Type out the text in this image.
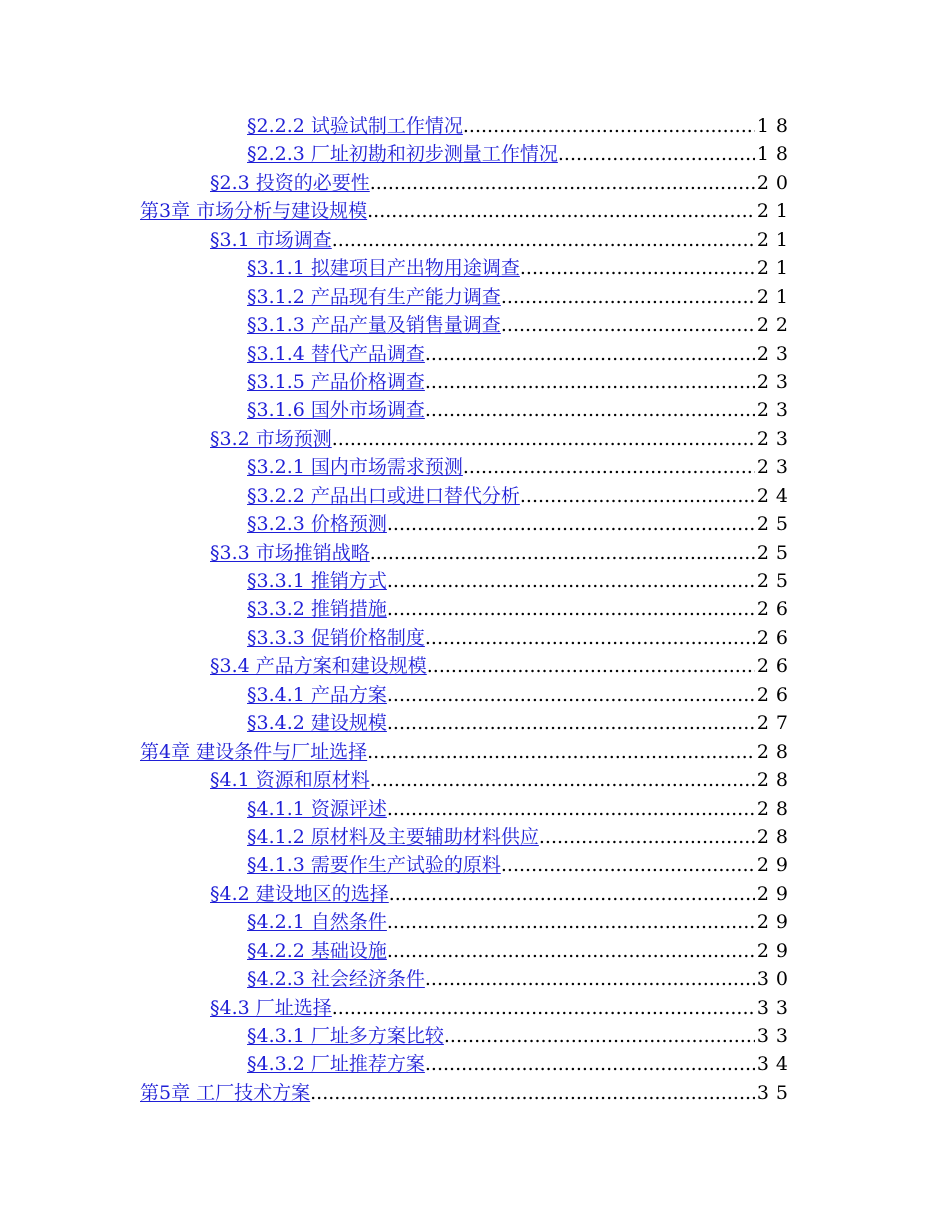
§2.2.2 试验试制工作情况 .....	18
§2.2.3 厂址初勘和初步测量工作情况 .....	18
§2.3 投资的必要性 .....	20
第3章 市场分析与建设规模 .....	21
§3.1 市场调查 .....	21
§3.1.1 拟建项目产出物用途调查 .....	21
§3.1.2 产品现有生产能力调查 .....	21
§3.1.3 产品产量及销售量调查 .....	22
§3.1.4 替代产品调查 .....	23
§3.1.5 产品价格调查 .....	23
§3.1.6 国外市场调查 .....	23
§3.2 市场预测 .....	23
§3.2.1 国内市场需求预测 .....	23
§3.2.2 产品出口或进口替代分析 .....	24
§3.2.3 价格预测 .....	25
§3.3 市场推销战略 .....	25
§3.3.1 推销方式 .....	25
§3.3.2 推销措施 .....	26
§3.3.3 促销价格制度 .....	26
§3.4 产品方案和建设规模 .....	26
§3.4.1 产品方案 .....	26
§3.4.2 建设规模 .....	27
第4章 建设条件与厂址选择 .....	28
§4.1 资源和原材料 .....	28
§4.1.1 资源评述 .....	28
§4.1.2 原材料及主要辅助材料供应 .....	28
§4.1.3 需要作生产试验的原料 .....	29
§4.2 建设地区的选择 .....	29
§4.2.1 自然条件 .....	29
§4.2.2 基础设施 .....	29
§4.2.3 社会经济条件 .....	30
§4.3 厂址选择 .....	33
§4.3.1 厂址多方案比较 .....	33
§4.3.2 厂址推荐方案 .....	34
第5章 工厂技术方案 .....	35
